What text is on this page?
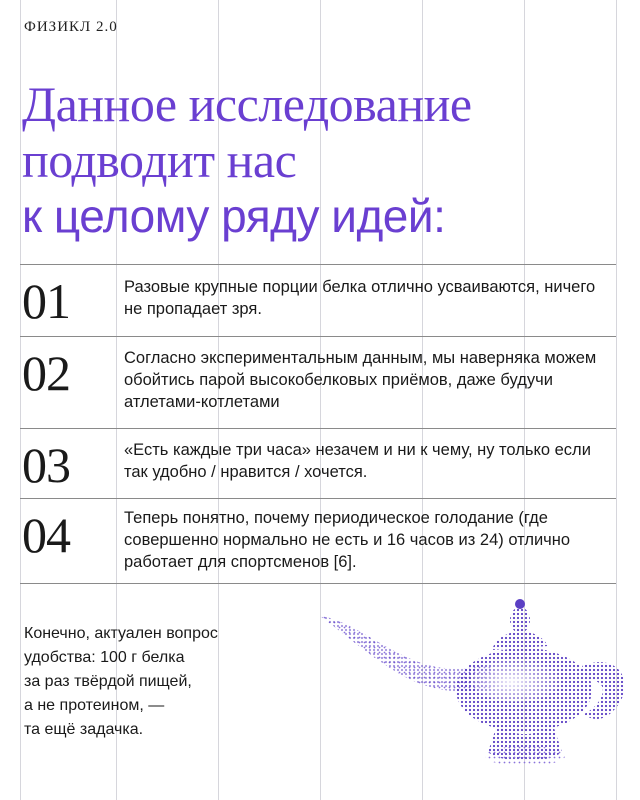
ФИЗИКЛ 2.0
Данное исследование
подводит нас
к целому ряду идей:
01	Разовые крупные порции белка отлично усваиваются, ничего не пропадает зря.
02	Согласно экспериментальным данным, мы наверняка можем обойтись парой высокобелковых приёмов, даже будучи атлетами-котлетами
03	«Есть каждые три часа» незачем и ни к чему, ну только если так удобно / нравится / хочется.
04	Теперь понятно, почему периодическое голодание (где совершенно нормально не есть и 16 часов из 24) отлично работает для спортсменов [6].
Конечно, актуален вопрос
удобства: 100 г белка
за раз твёрдой пищей,
а не протеином, —
та ещё задачка.
